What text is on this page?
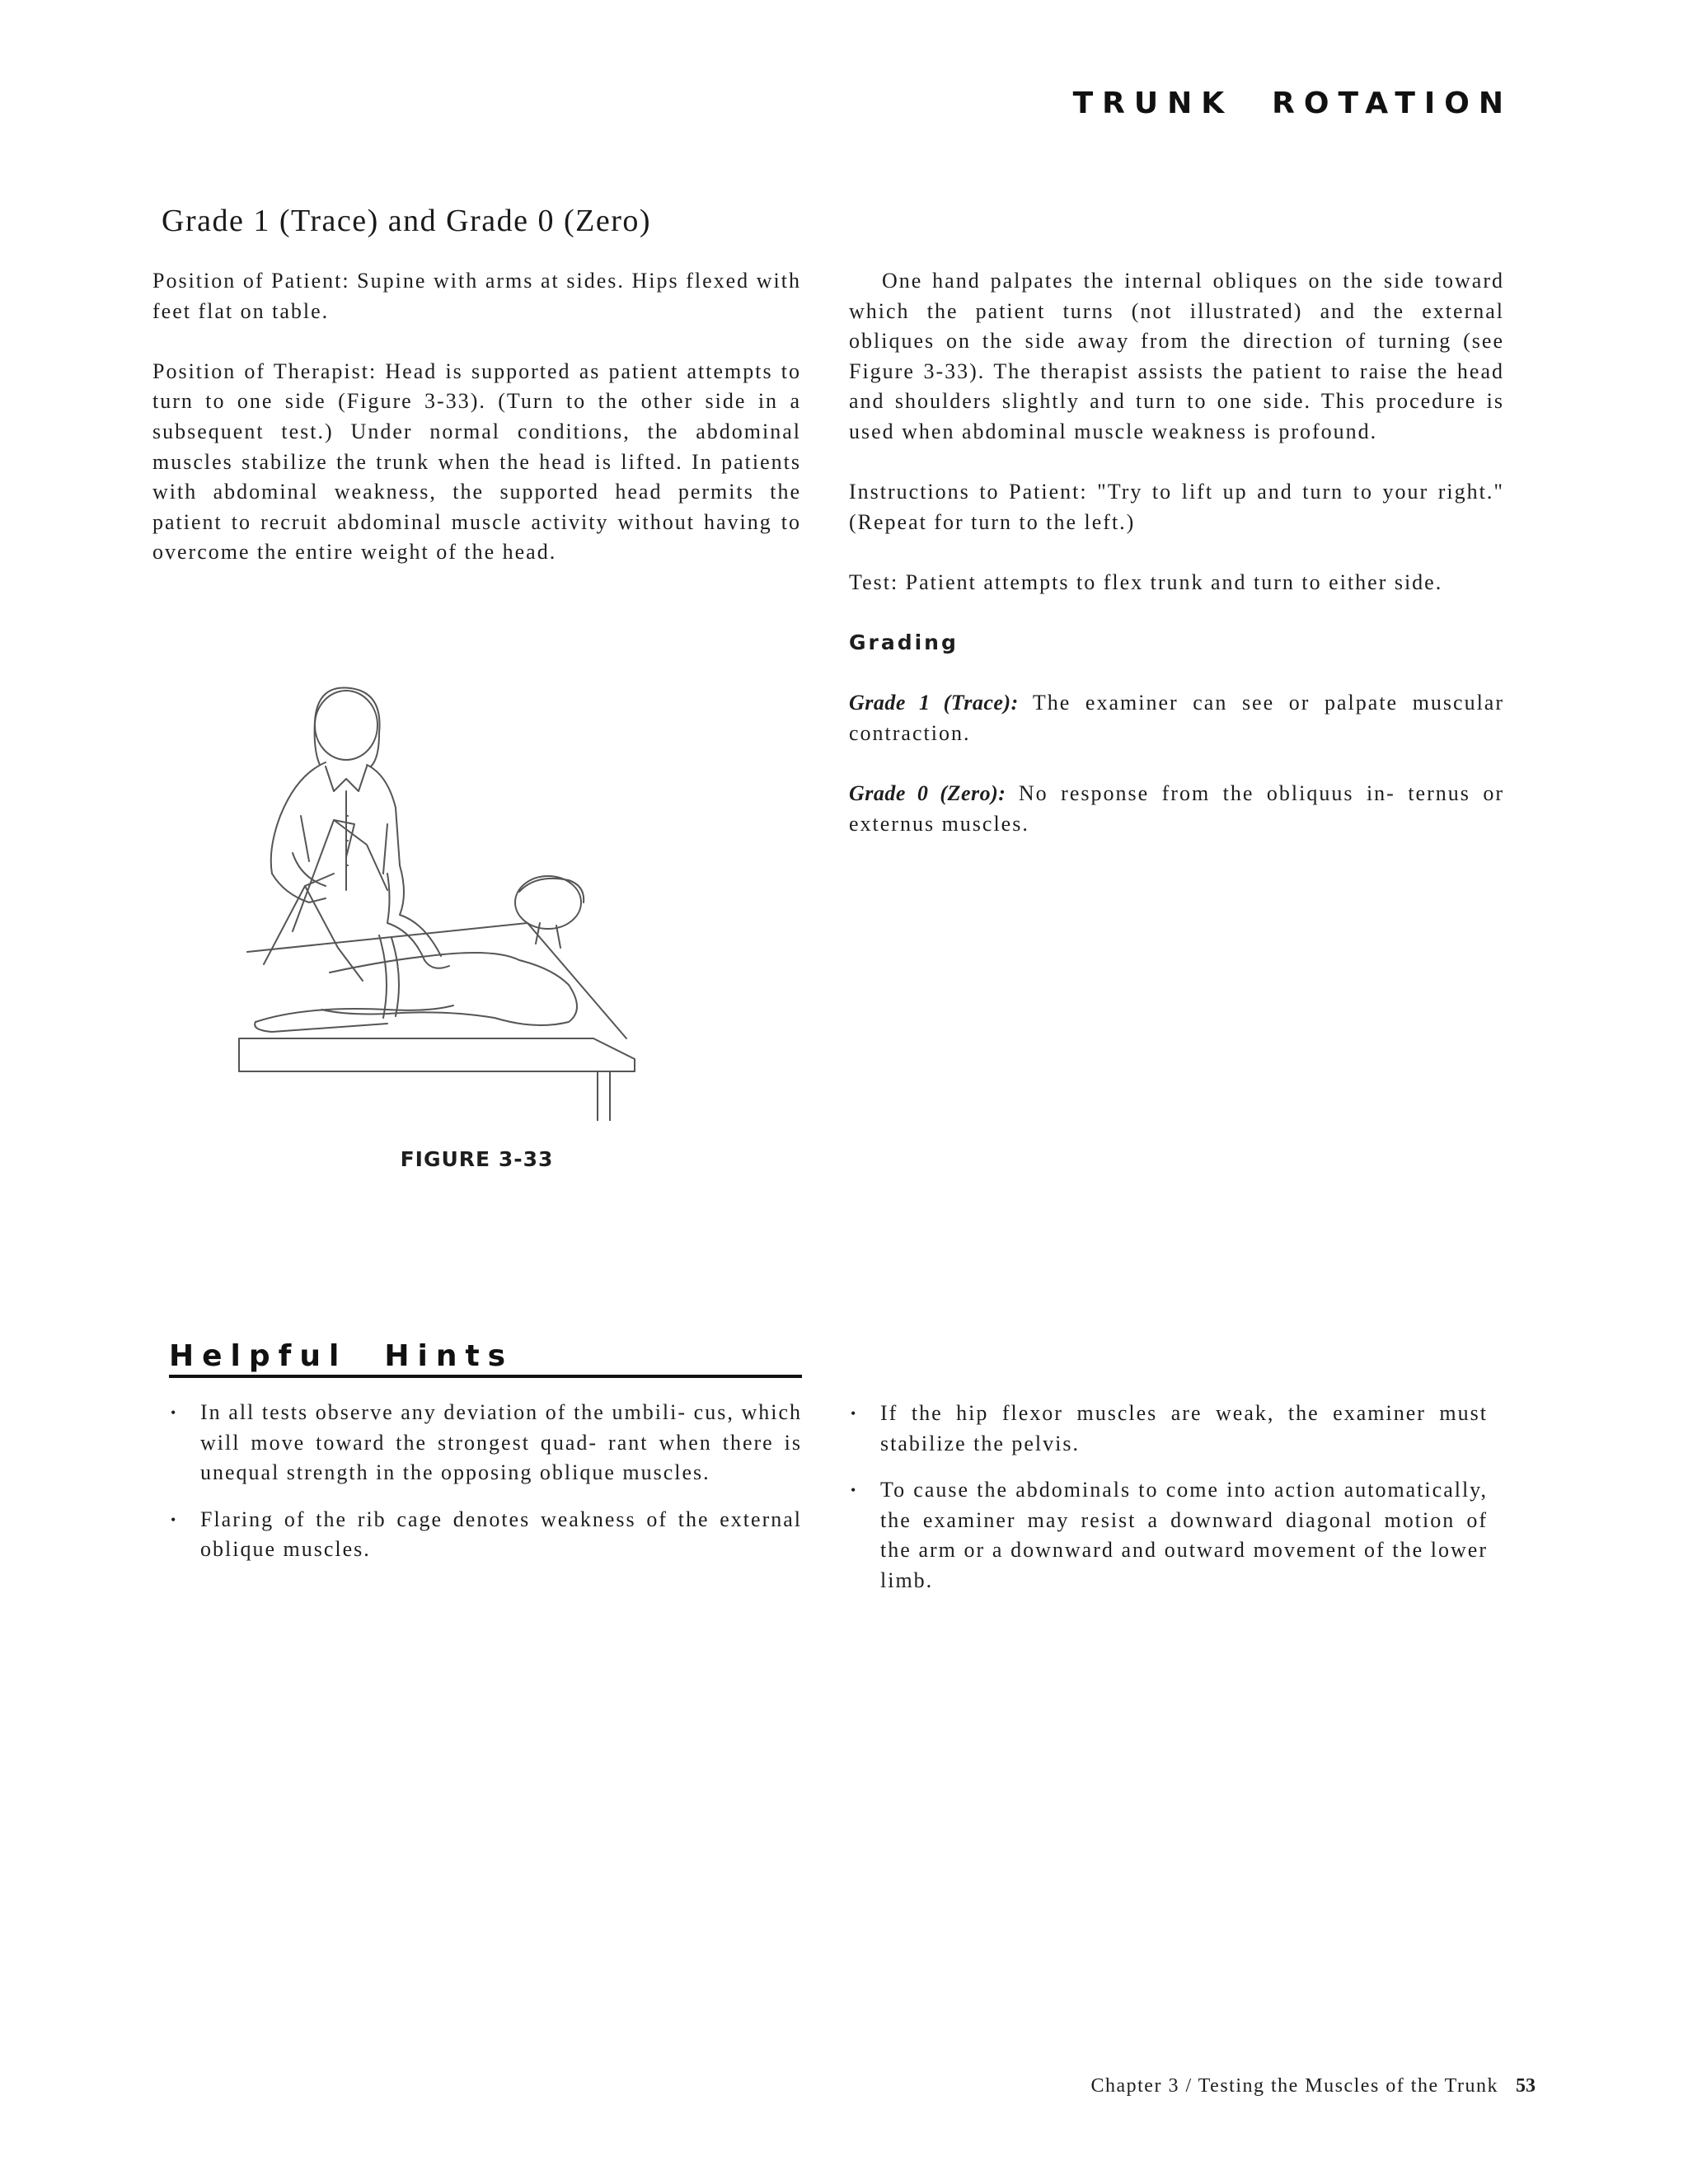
TRUNK  ROTATION
Grade 1 (Trace) and Grade 0 (Zero)

Position of Patient: Supine with arms at sides. Hips flexed with feet flat on table.

Position of Therapist: Head is supported as patient attempts to turn to one side (Figure 3-33). (Turn to the other side in a subsequent test.) Under normal conditions, the abdominal muscles stabilize the trunk when the head is lifted. In patients with abdominal weakness, the supported head permits the patient to recruit abdominal muscle activity without having to overcome the entire weight of the head.

FIGURE 3-33

One hand palpates the internal obliques on the side toward which the patient turns (not illustrated) and the external obliques on the side away from the direction of turning (see Figure 3-33). The therapist assists the patient to raise the head and shoulders slightly and turn to one side. This procedure is used when abdominal muscle weakness is profound.

Instructions to Patient: "Try to lift up and turn to your right." (Repeat for turn to the left.)

Test: Patient attempts to flex trunk and turn to either side.

Grading

Grade 1 (Trace): The examiner can see or palpate muscular contraction.

Grade 0 (Zero): No response from the obliquus in- ternus or externus muscles.

Helpful  Hints
• In all tests observe any deviation of the umbili- cus, which will move toward the strongest quad- rant when there is unequal strength in the opposing oblique muscles.
• Flaring of the rib cage denotes weakness of the external oblique muscles.
• If the hip flexor muscles are weak, the examiner must stabilize the pelvis.
• To cause the abdominals to come into action automatically, the examiner may resist a downward diagonal motion of the arm or a downward and outward movement of the lower limb.

Chapter 3 / Testing the Muscles of the Trunk 53
